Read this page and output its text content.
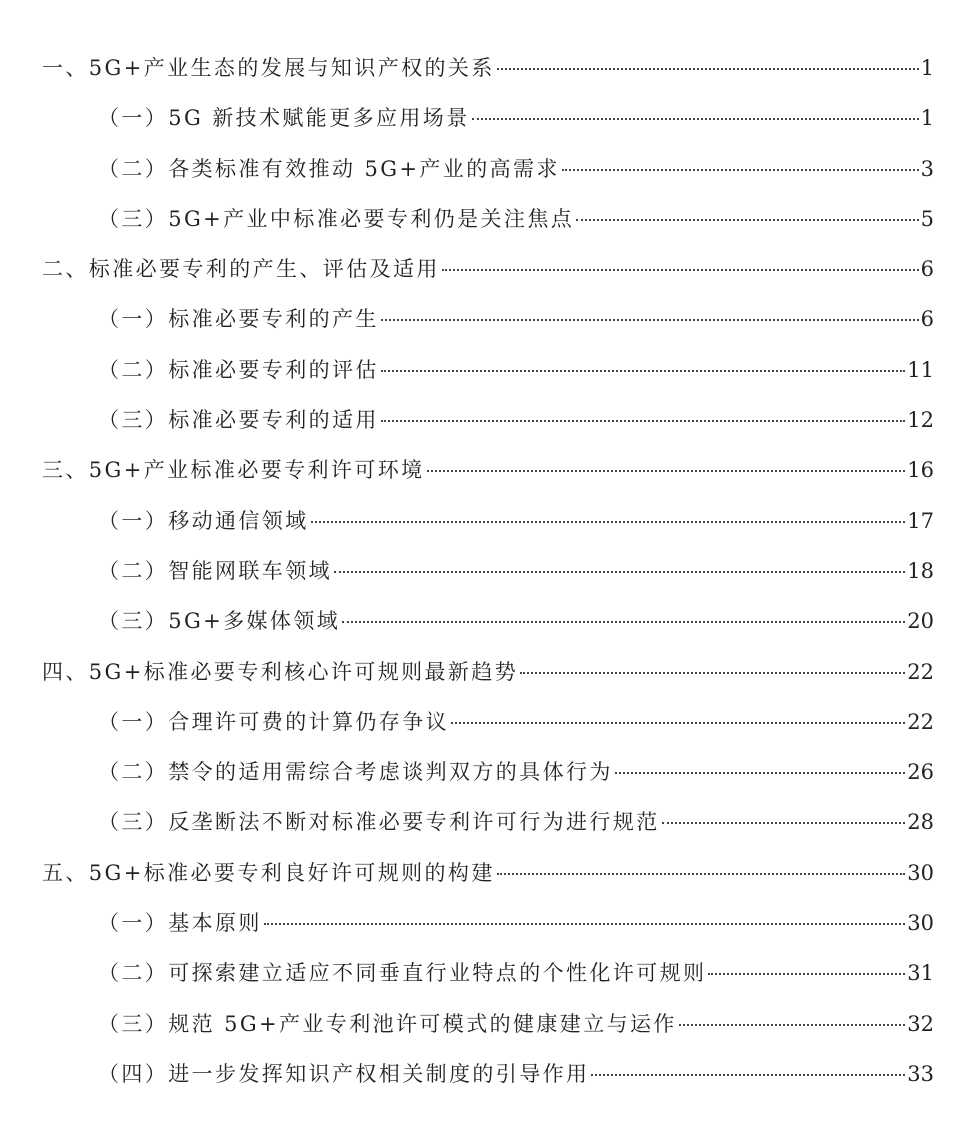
一、5G+产业生态的发展与知识产权的关系	1
（一）5G 新技术赋能更多应用场景	1
（二）各类标准有效推动 5G+产业的高需求	3
（三）5G+产业中标准必要专利仍是关注焦点	5
二、标准必要专利的产生、评估及适用	6
（一）标准必要专利的产生	6
（二）标准必要专利的评估	11
（三）标准必要专利的适用	12
三、5G+产业标准必要专利许可环境	16
（一）移动通信领域	17
（二）智能网联车领域	18
（三）5G+多媒体领域	20
四、5G+标准必要专利核心许可规则最新趋势	22
（一）合理许可费的计算仍存争议	22
（二）禁令的适用需综合考虑谈判双方的具体行为	26
（三）反垄断法不断对标准必要专利许可行为进行规范	28
五、5G+标准必要专利良好许可规则的构建	30
（一）基本原则	30
（二）可探索建立适应不同垂直行业特点的个性化许可规则	31
（三）规范 5G+产业专利池许可模式的健康建立与运作	32
（四）进一步发挥知识产权相关制度的引导作用	33
